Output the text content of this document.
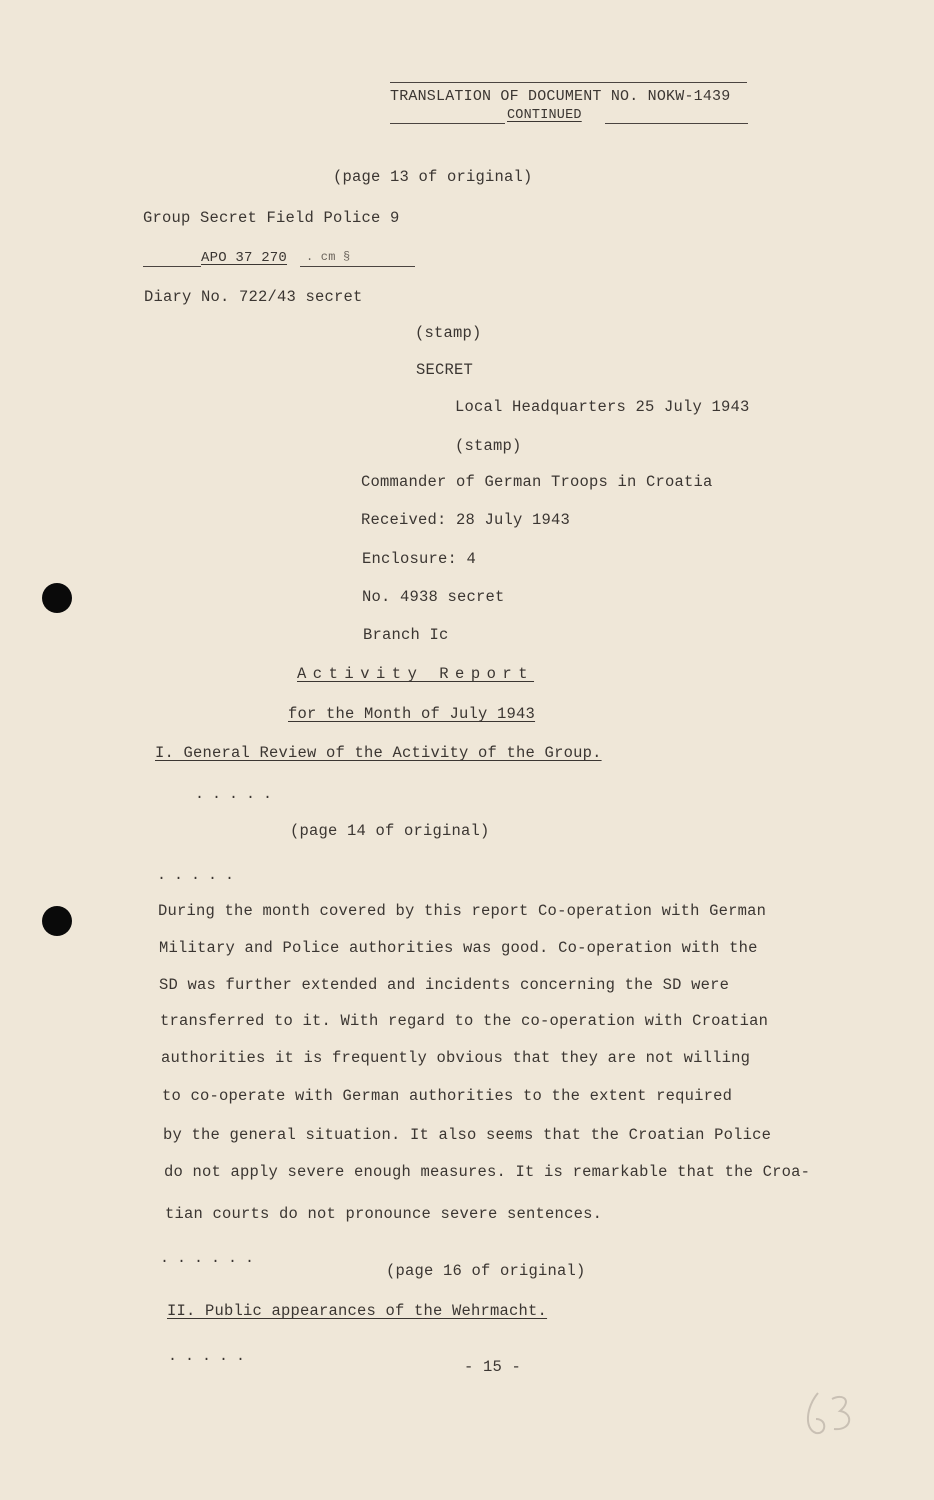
TRANSLATION OF DOCUMENT NO. NOKW-1439
CONTINUED
(page 13 of original)
Group Secret Field Police 9
APO 37 270 . cm §
Diary No. 722/43 secret
(stamp)
SECRET
Local Headquarters 25 July 1943
(stamp)
Commander of German Troops in Croatia
Received: 28 July 1943
Enclosure: 4
No. 4938 secret
Branch Ic
Activity Report
for the Month of July 1943
I. General Review of the Activity of the Group.
.....
(page 14 of original)
.....
During the month covered by this report Co-operation with German
Military and Police authorities was good. Co-operation with the
SD was further extended and incidents concerning the SD were
transferred to it. With regard to the co-operation with Croatian
authorities it is frequently obvious that they are not willing
to co-operate with German authorities to the extent required
by the general situation. It also seems that the Croatian Police
do not apply severe enough measures. It is remarkable that the Croa-
tian courts do not pronounce severe sentences.
......
(page 16 of original)
II. Public appearances of the Wehrmacht.
.....
- 15 -
